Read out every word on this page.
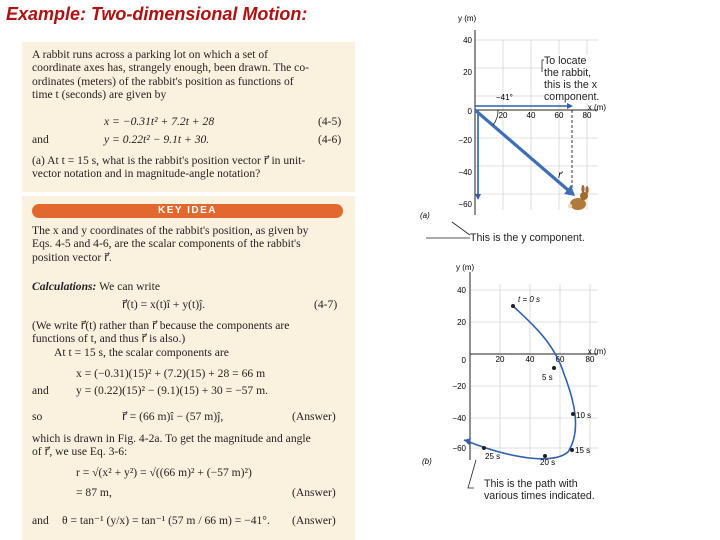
Example: Two-dimensional Motion:
A rabbit runs across a parking lot on which a set of
coordinate axes has, strangely enough, been drawn. The co-
ordinates (meters) of the rabbit's position as functions of
time t (seconds) are given by
x = −0.31t² + 7.2t + 28	(4-5)
and	y = 0.22t² − 9.1t + 30.	(4-6)
(a) At t = 15 s, what is the rabbit's position vector r⃗ in unit-
vector notation and in magnitude-angle notation?
KEY IDEA
The x and y coordinates of the rabbit's position, as given by
Eqs. 4-5 and 4-6, are the scalar components of the rabbit's
position vector r⃗.
Calculations: We can write
r⃗(t) = x(t)î + y(t)ĵ.	(4-7)
(We write r⃗(t) rather than r⃗ because the components are
functions of t, and thus r⃗ is also.)
At t = 15 s, the scalar components are
x = (−0.31)(15)² + (7.2)(15) + 28 = 66 m
and y = (0.22)(15)² − (9.1)(15) + 30 = −57 m.
so	r⃗ = (66 m)î − (57 m)ĵ,	(Answer)
which is drawn in Fig. 4-2a. To get the magnitude and angle
of r⃗, we use Eq. 3-6:
r = √(x² + y²) = √((66 m)² + (−57 m)²)
= 87 m,	(Answer)
and θ = tan⁻¹ (y/x) = tan⁻¹ (57 m / 66 m) = −41°. (Answer)
y (m)
x (m)
40
20
0
−20
−40
−60
20 40 60 80
−41°
r⃗
(a)
To locate the rabbit, this is the x component.
This is the y component.
y (m)
x (m)
40
20
0
−20
−40
−60
20	40	60	80
t = 0 s
5 s
10 s
15 s
20 s
25 s
(b)
This is the path with various times indicated.
